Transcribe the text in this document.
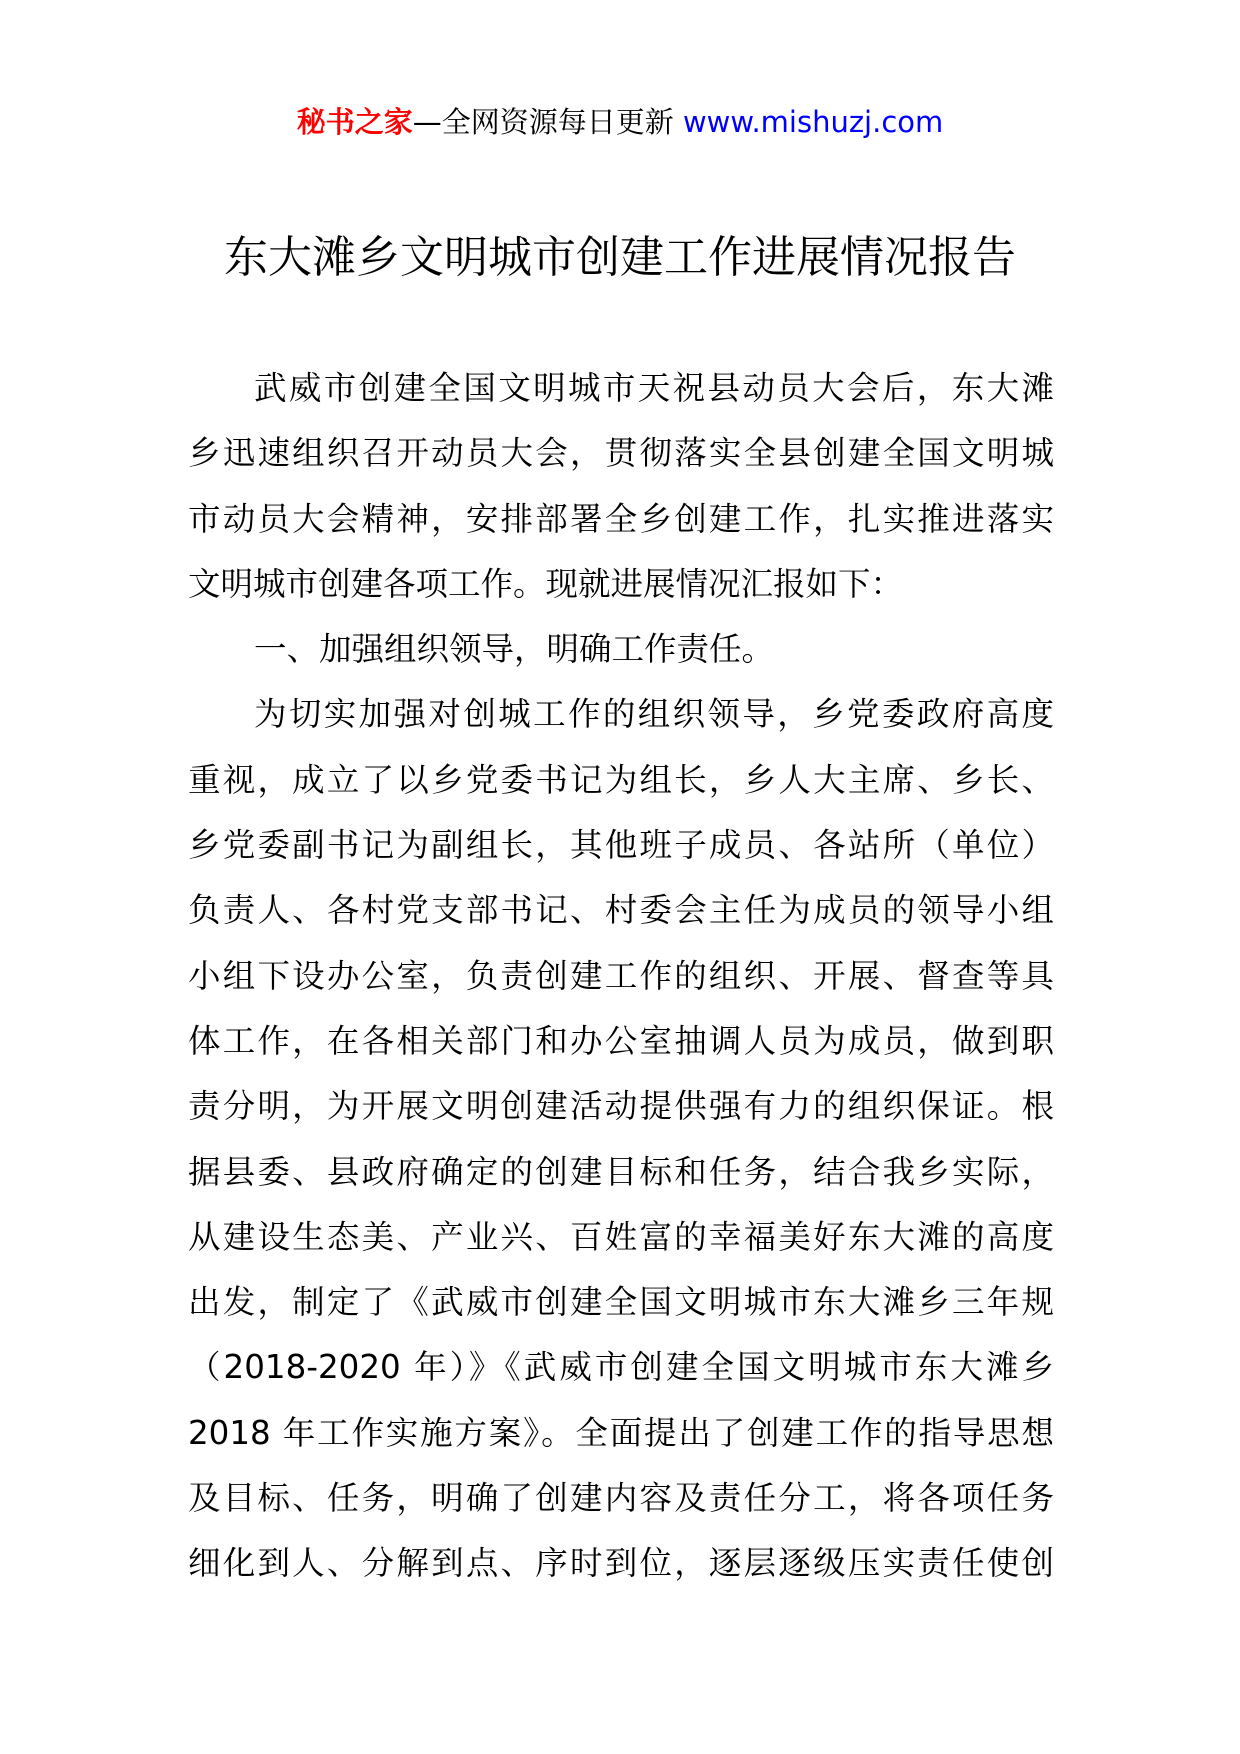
秘书之家—全网资源每日更新 www.mishuzj.com
东大滩乡文明城市创建工作进展情况报告
武威市创建全国文明城市天祝县动员大会后，东大滩
乡迅速组织召开动员大会，贯彻落实全县创建全国文明城
市动员大会精神，安排部署全乡创建工作，扎实推进落实
文明城市创建各项工作。现就进展情况汇报如下：
一、加强组织领导，明确工作责任。
为切实加强对创城工作的组织领导，乡党委政府高度
重视，成立了以乡党委书记为组长，乡人大主席、乡长、
乡党委副书记为副组长，其他班子成员、各站所（单位）
负责人、各村党支部书记、村委会主任为成员的领导小组
小组下设办公室，负责创建工作的组织、开展、督查等具
体工作，在各相关部门和办公室抽调人员为成员，做到职
责分明，为开展文明创建活动提供强有力的组织保证。根
据县委、县政府确定的创建目标和任务，结合我乡实际，
从建设生态美、产业兴、百姓富的幸福美好东大滩的高度
出发，制定了《武威市创建全国文明城市东大滩乡三年规
（2018-2020 年）》《武威市创建全国文明城市东大滩乡
2018 年工作实施方案》。全面提出了创建工作的指导思想
及目标、任务，明确了创建内容及责任分工，将各项任务
细化到人、分解到点、序时到位，逐层逐级压实责任使创
